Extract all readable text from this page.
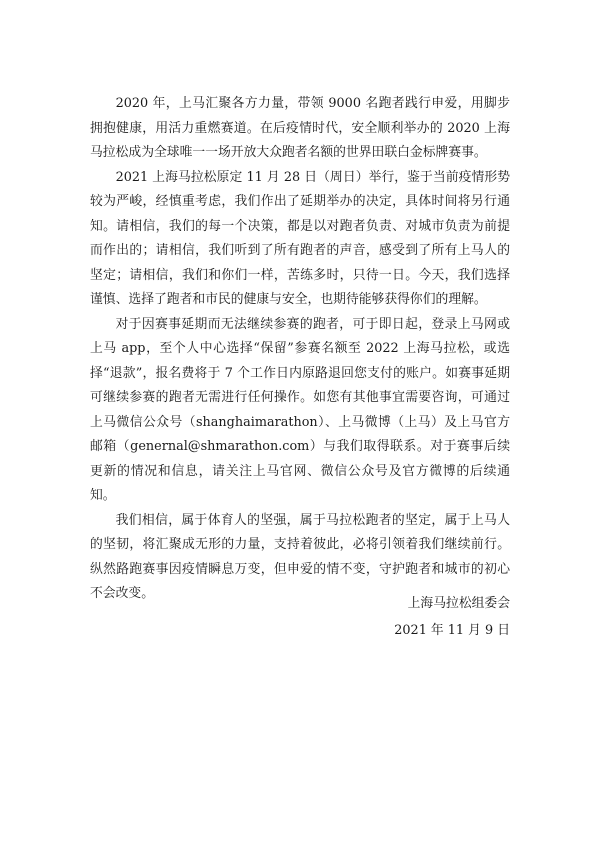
2020 年，上马汇聚各方力量，带领 9000 名跑者践行申爱，用脚步拥抱健康，用活力重燃赛道。在后疫情时代，安全顺利举办的 2020 上海马拉松成为全球唯一一场开放大众跑者名额的世界田联白金标牌赛事。

2021 上海马拉松原定 11 月 28 日（周日）举行，鉴于当前疫情形势较为严峻，经慎重考虑，我们作出了延期举办的决定，具体时间将另行通知。请相信，我们的每一个决策，都是以对跑者负责、对城市负责为前提而作出的；请相信，我们听到了所有跑者的声音，感受到了所有上马人的坚定；请相信，我们和你们一样，苦练多时，只待一日。今天，我们选择谨慎、选择了跑者和市民的健康与安全，也期待能够获得你们的理解。

对于因赛事延期而无法继续参赛的跑者，可于即日起，登录上马网或上马 app，至个人中心选择“保留”参赛名额至 2022 上海马拉松，或选择“退款”，报名费将于 7 个工作日内原路退回您支付的账户。如赛事延期可继续参赛的跑者无需进行任何操作。如您有其他事宜需要咨询，可通过上马微信公众号（shanghaimarathon）、上马微博（上马）及上马官方邮箱（genernal@shmarathon.com）与我们取得联系。对于赛事后续更新的情况和信息，请关注上马官网、微信公众号及官方微博的后续通知。

我们相信，属于体育人的坚强，属于马拉松跑者的坚定，属于上马人的坚韧，将汇聚成无形的力量，支持着彼此，必将引领着我们继续前行。纵然路跑赛事因疫情瞬息万变，但申爱的情不变，守护跑者和城市的初心不会改变。

上海马拉松组委会
2021 年 11 月 9 日
